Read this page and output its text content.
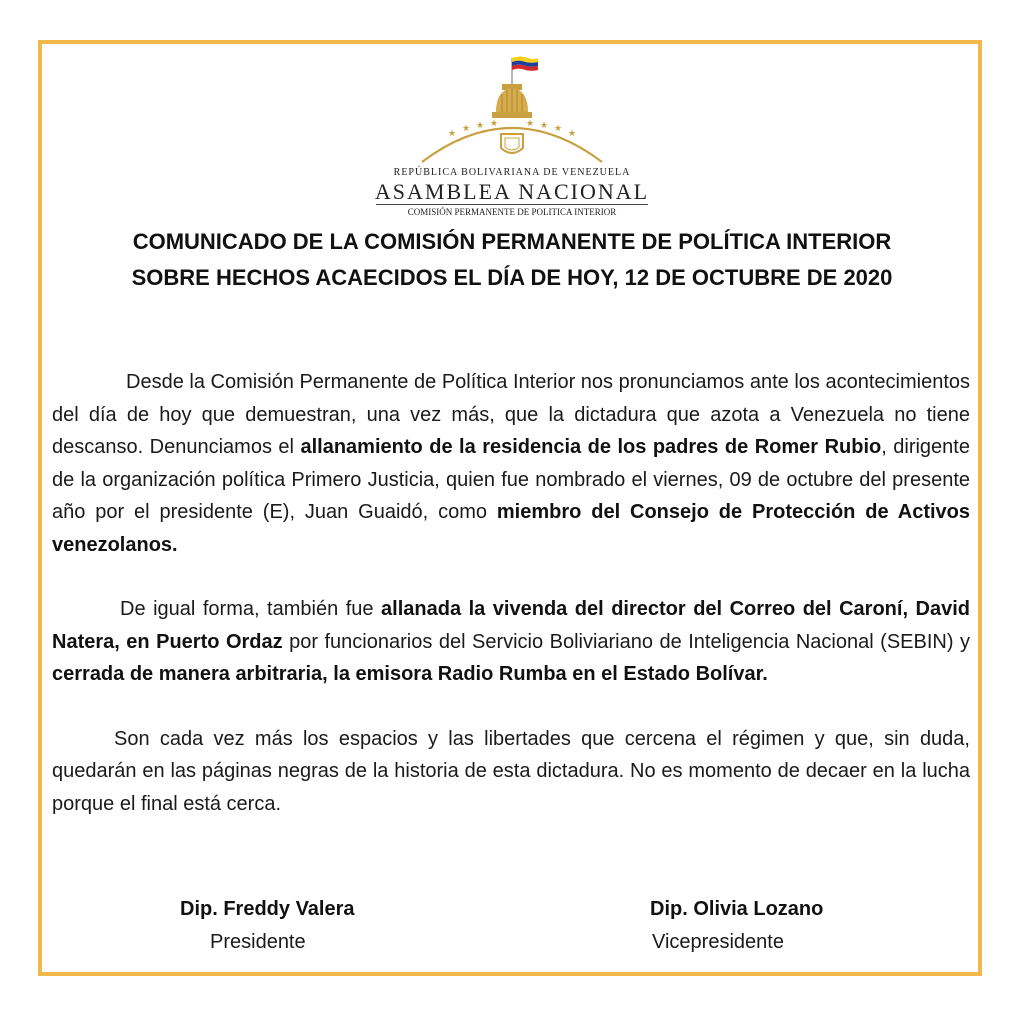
★ ★ ★ ★	★ ★ ★ ★
REPÚBLICA BOLIVARIANA DE VENEZUELA
ASAMBLEA NACIONAL
COMISIÓN PERMANENTE DE POLITICA INTERIOR
COMUNICADO DE LA COMISIÓN PERMANENTE DE POLÍTICA INTERIOR SOBRE HECHOS ACAECIDOS EL DÍA DE HOY, 12 DE OCTUBRE DE 2020

Desde la Comisión Permanente de Política Interior nos pronunciamos ante los acontecimientos del día de hoy que demuestran, una vez más, que la dictadura que azota a Venezuela no tiene descanso. Denunciamos el allanamiento de la residencia de los padres de Romer Rubio, dirigente de la organización política Primero Justicia, quien fue nombrado el viernes, 09 de octubre del presente año por el presidente (E), Juan Guaidó, como miembro del Consejo de Protección de Activos venezolanos.

De igual forma, también fue allanada la vivenda del director del Correo del Caroní, David Natera, en Puerto Ordaz por funcionarios del Servicio Boliviariano de Inteligencia Nacional (SEBIN) y cerrada de manera arbitraria, la emisora Radio Rumba en el Estado Bolívar.

Son cada vez más los espacios y las libertades que cercena el régimen y que, sin duda, quedarán en las páginas negras de la historia de esta dictadura. No es momento de decaer en la lucha porque el final está cerca.

Dip. Freddy Valera
Presidente
Dip. Olivia Lozano
Vicepresidente
